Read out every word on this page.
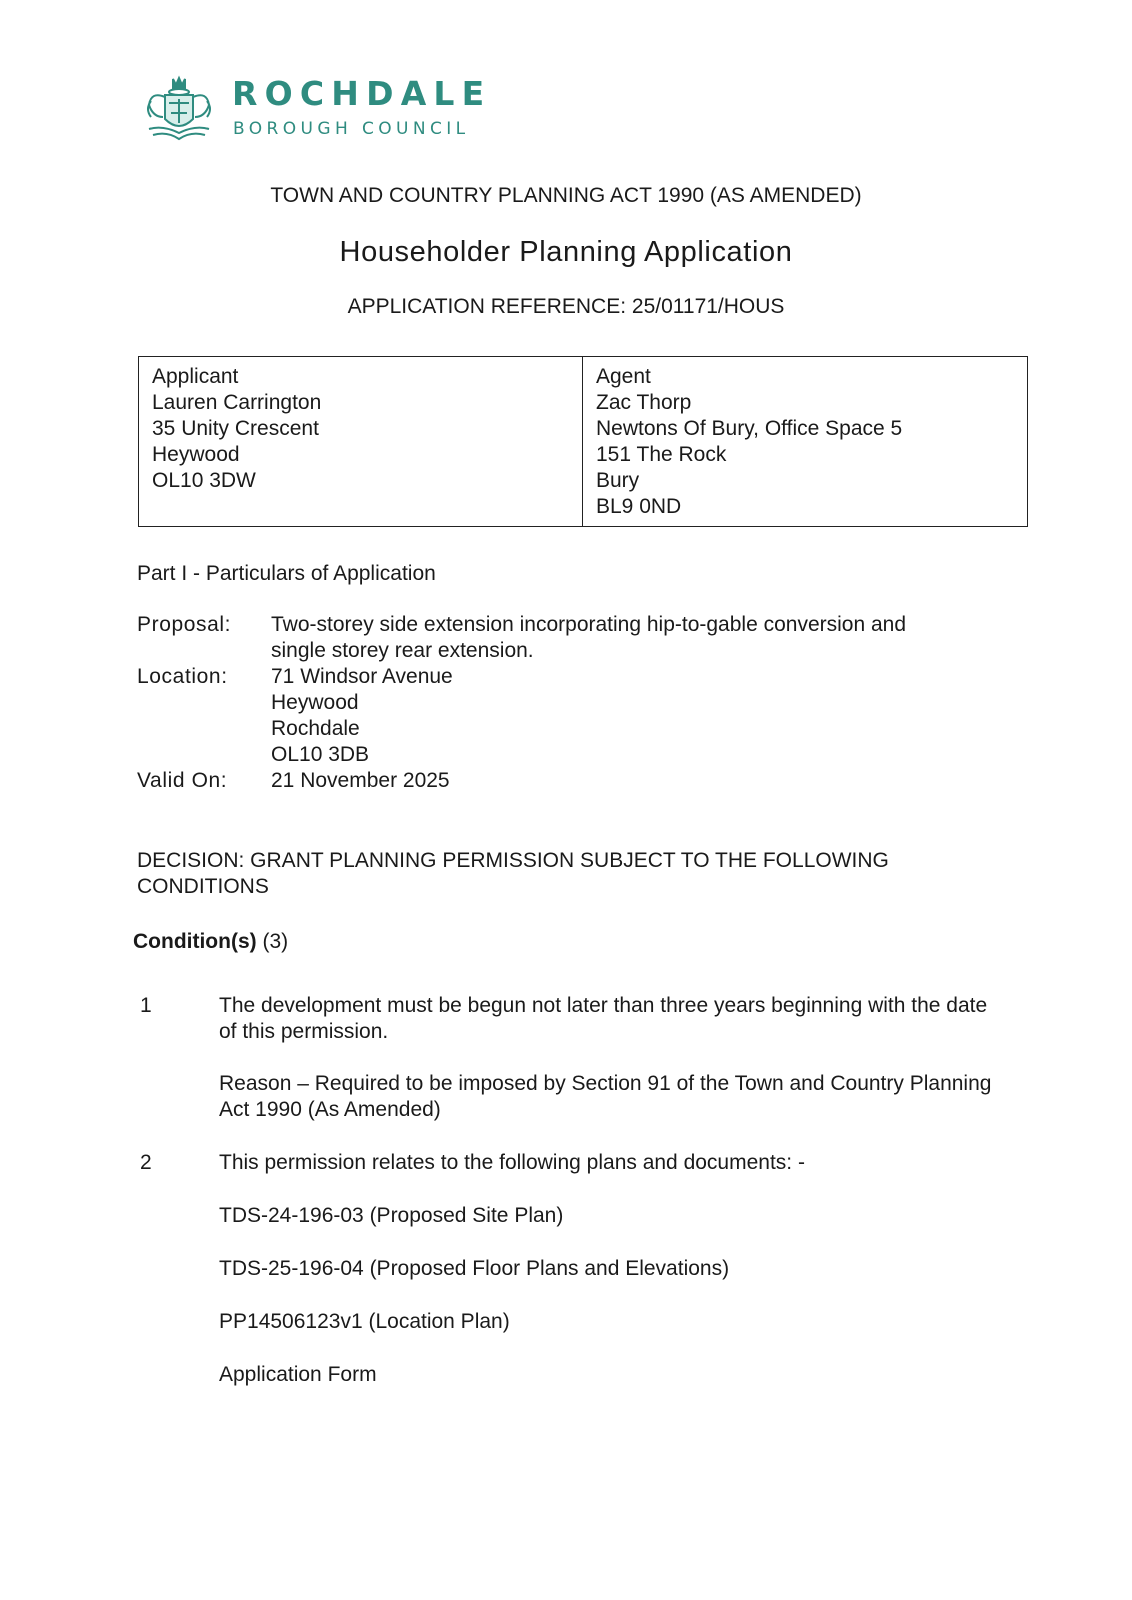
ROCHDALE
BOROUGH COUNCIL
TOWN AND COUNTRY PLANNING ACT 1990 (AS AMENDED)
Householder Planning Application
APPLICATION REFERENCE: 25/01171/HOUS
Applicant
Lauren Carrington
35 Unity Crescent
Heywood
OL10 3DW
Agent
Zac Thorp
Newtons Of Bury, Office Space 5
151 The Rock
Bury
BL9 0ND
Part I - Particulars of Application
Proposal: Two-storey side extension incorporating hip-to-gable conversion and
single storey rear extension.
Location: 71 Windsor Avenue
Heywood
Rochdale
OL10 3DB
Valid On: 21 November 2025
DECISION: GRANT PLANNING PERMISSION SUBJECT TO THE FOLLOWING CONDITIONS
Condition(s) (3)
1	The development must be begun not later than three years beginning with the date of this permission.
Reason – Required to be imposed by Section 91 of the Town and Country Planning Act 1990 (As Amended)
2	This permission relates to the following plans and documents: -
TDS-24-196-03 (Proposed Site Plan)
TDS-25-196-04 (Proposed Floor Plans and Elevations)
PP14506123v1 (Location Plan)
Application Form
